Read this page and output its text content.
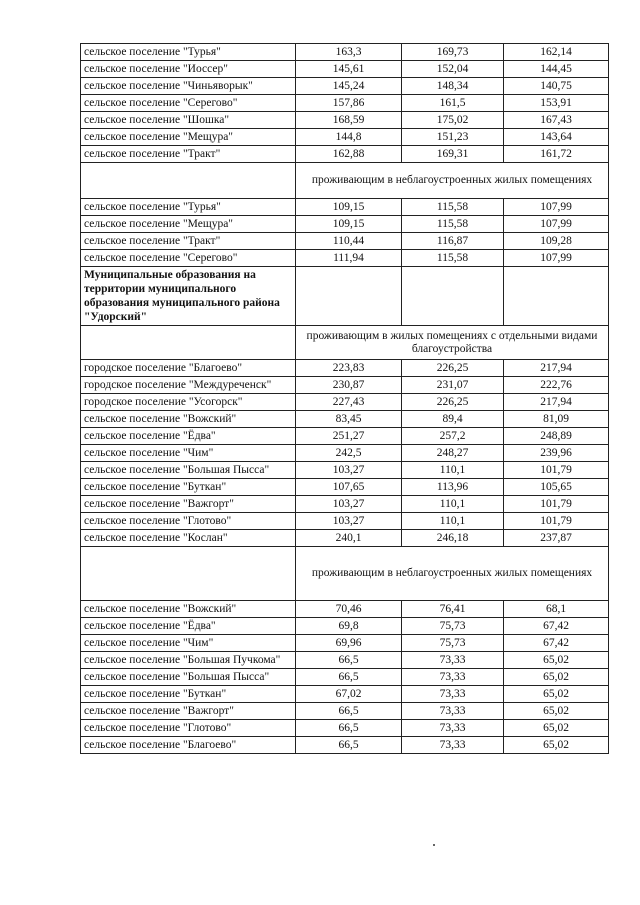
сельское поселение "Турья"	163,3	169,73	162,14
сельское поселение "Иоссер"	145,61	152,04	144,45
сельское поселение "Чиньяворык"	145,24	148,34	140,75
сельское поселение "Серегово"	157,86	161,5	153,91
сельское поселение "Шошка"	168,59	175,02	167,43
сельское поселение "Мещура"	144,8	151,23	143,64
сельское поселение "Тракт"	162,88	169,31	161,72
	проживающим в неблагоустроенных жилых помещениях		
сельское поселение "Турья"	109,15	115,58	107,99
сельское поселение "Мещура"	109,15	115,58	107,99
сельское поселение "Тракт"	110,44	116,87	109,28
сельское поселение "Серегово"	111,94	115,58	107,99
Муниципальные образования на территории муниципального образования муниципального района "Удорский"			
	проживающим в жилых помещениях с отдельными видами благоустройства		
городское поселение "Благоево"	223,83	226,25	217,94
городское поселение "Междуреченск"	230,87	231,07	222,76
городское поселение "Усогорск"	227,43	226,25	217,94
сельское поселение "Вожский"	83,45	89,4	81,09
сельское поселение "Ёдва"	251,27	257,2	248,89
сельское поселение "Чим"	242,5	248,27	239,96
сельское поселение "Большая Пысса"	103,27	110,1	101,79
сельское поселение "Буткан"	107,65	113,96	105,65
сельское поселение "Важгорт"	103,27	110,1	101,79
сельское поселение "Глотово"	103,27	110,1	101,79
сельское поселение "Кослан"	240,1	246,18	237,87
	проживающим в неблагоустроенных жилых помещениях		
сельское поселение "Вожский"	70,46	76,41	68,1
сельское поселение "Ёдва"	69,8	75,73	67,42
сельское поселение "Чим"	69,96	75,73	67,42
сельское поселение "Большая Пучкома"	66,5	73,33	65,02
сельское поселение "Большая Пысса"	66,5	73,33	65,02
сельское поселение "Буткан"	67,02	73,33	65,02
сельское поселение "Важгорт"	66,5	73,33	65,02
сельское поселение "Глотово"	66,5	73,33	65,02
сельское поселение "Благоево"	66,5	73,33	65,02
